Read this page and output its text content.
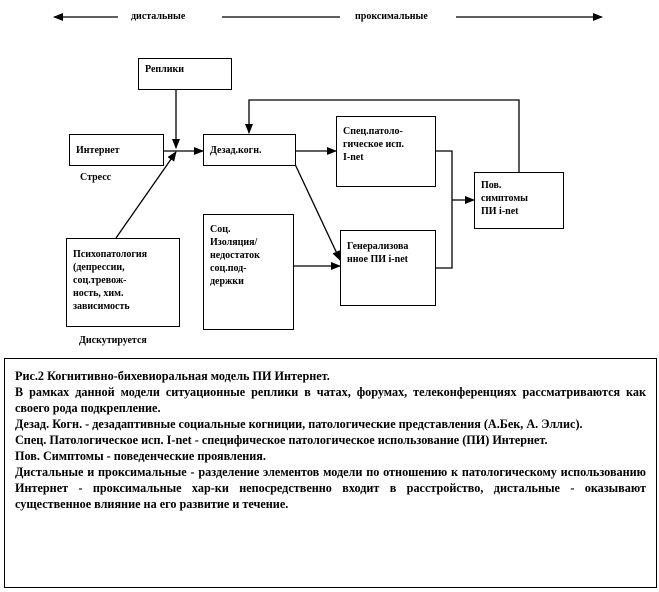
дистальные	проксимальные
Реплики
Интернет
Стресс
Дезад.когн.
Психопатология
(депрессии,
соц.тревож-
ность, хим.
зависимость
Дискутируется
Соц.
Изоляция/
недостаток
соц.под-
держки
Спец.патоло-
гическое исп.
I-net
Генерализова
нное ПИ i-net
Пов.
симптомы
ПИ i-net

Рис.2 Когнитивно-бихевиоральная модель ПИ Интернет.

В рамках данной модели ситуационные реплики в чатах, форумах, телеконференциях рассматриваются как своего рода подкрепление.

Дезад. Когн. - дезадаптивные социальные когниции, патологические представления (А.Бек, А. Эллис).

Спец. Патологическое исп. I-net - специфическое патологическое использование (ПИ) Интернет.

Пов. Симптомы - поведенческие проявления.

Дистальные и проксимальные - разделение элементов модели по отношению к патологическому использованию Интернет - проксимальные хар-ки непосредственно входит в расстройство, дистальные - оказывают существенное влияние на его развитие и течение.
